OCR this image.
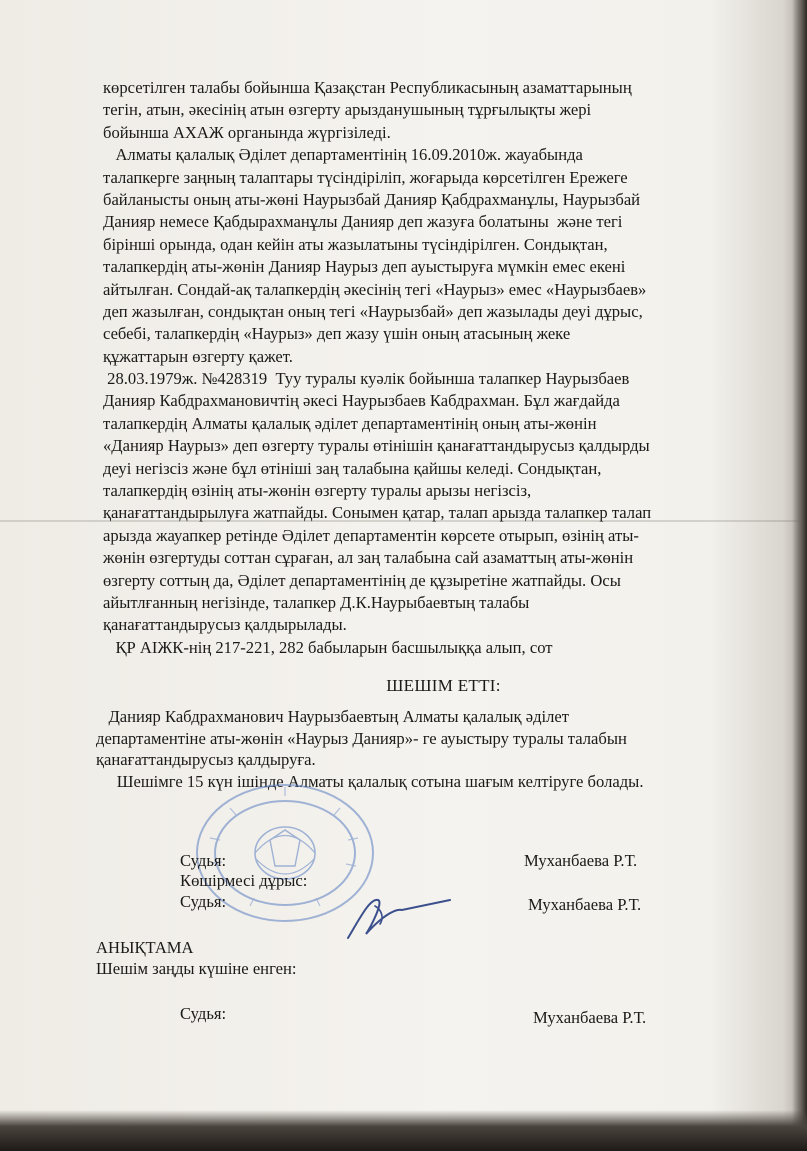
көрсетілген талабы бойынша Қазақстан Республикасының азаматтарының
тегін, атын, әкесінің атын өзгерту арызданушының тұрғылықты жері
бойынша АХАЖ органында жүргізіледі.
Алматы қалалық Әділет департаментінің 16.09.2010ж. жауабында
талапкерге заңның талаптары түсіндіріліп, жоғарыда көрсетілген Ережеге
байланысты оның аты-жөні Наурызбай Данияр Қабдрахманұлы, Наурызбай
Данияр немесе Қабдырахманұлы Данияр деп жазуға болатыны  және тегі
бірінші орында, одан кейін аты жазылатыны түсіндірілген. Сондықтан,
талапкердің аты-жөнін Данияр Наурыз деп ауыстыруға мүмкін емес екені
айтылған. Сондай-ақ талапкердің әкесінің тегі «Наурыз» емес «Наурызбаев»
деп жазылған, сондықтан оның тегі «Наурызбай» деп жазылады деуі дұрыс,
себебі, талапкердің «Наурыз» деп жазу үшін оның атасының жеке
құжаттарын өзгерту қажет.
28.03.1979ж. №428319  Туу туралы куәлік бойынша талапкер Наурызбаев
Данияр Кабдрахмановичтің әкесі Наурызбаев Кабдрахман. Бұл жағдайда
талапкердің Алматы қалалық әділет департаментінің оның аты-жөнін
«Данияр Наурыз» деп өзгерту туралы өтінішін қанағаттандырусыз қалдырды
деуі негізсіз және бұл өтініші заң талабына қайшы келеді. Сондықтан,
талапкердің өзінің аты-жөнін өзгерту туралы арызы негізсіз,
қанағаттандырылуға жатпайды. Сонымен қатар, талап арызда талапкер талап
арызда жауапкер ретінде Әділет департаментін көрсете отырып, өзінің аты-
жөнін өзгертуды соттан сұраған, ал заң талабына сай азаматтың аты-жөнін
өзгерту соттың да, Әділет департаментінің де құзыретіне жатпайды. Осы
айытлғанның негізінде, талапкер Д.К.Наурыбаевтың талабы
қанағаттандырусыз қалдырылады.
ҚР АІЖК-нің 217-221, 282 бабыларын басшылыққа алып, сот
ШЕШІМ ЕТТІ:
Данияр Кабдрахманович Наурызбаевтың Алматы қалалық әділет
департаментіне аты-жөнін «Наурыз Данияр»- ге ауыстыру туралы талабын
қанағаттандырусыз қалдыруға.
Шешімге 15 күн ішінде Алматы қалалық сотына шағым келтіруге болады.
Судья:	Муханбаева Р.Т.
Көшірмесі дұрыс:
Судья:	Муханбаева Р.Т.
АНЫҚТАМА
Шешім заңды күшіне енген:
Судья:	Муханбаева Р.Т.
